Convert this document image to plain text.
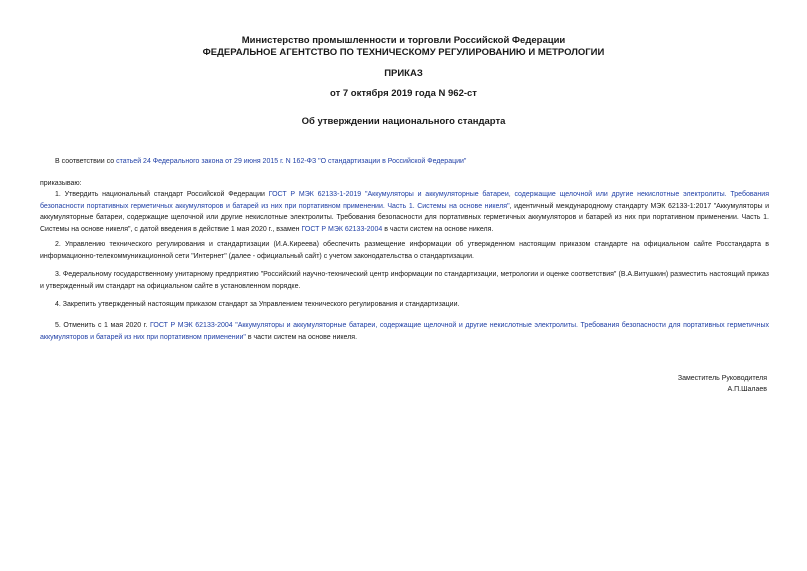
Министерство промышленности и торговли Российской Федерации
ФЕДЕРАЛЬНОЕ АГЕНТСТВО ПО ТЕХНИЧЕСКОМУ РЕГУЛИРОВАНИЮ И МЕТРОЛОГИИ
ПРИКАЗ
от 7 октября 2019 года N 962-ст
Об утверждении национального стандарта
В соответствии со статьей 24 Федерального закона от 29 июня 2015 г. N 162-ФЗ "О стандартизации в Российской Федерации"
приказываю:
1. Утвердить национальный стандарт Российской Федерации ГОСТ Р МЭК 62133-1-2019 "Аккумуляторы и аккумуляторные батареи, содержащие щелочной или другие некислотные электролиты. Требования безопасности портативных герметичных аккумуляторов и батарей из них при портативном применении. Часть 1. Системы на основе никеля", идентичный международному стандарту МЭК 62133-1:2017 "Аккумуляторы и аккумуляторные батареи, содержащие щелочной или другие некислотные электролиты. Требования безопасности для портативных герметичных аккумуляторов и батарей из них при портативном применении. Часть 1. Системы на основе никеля", с датой введения в действие 1 мая 2020 г., взамен ГОСТ Р МЭК 62133-2004 в части систем на основе никеля.
2. Управлению технического регулирования и стандартизации (И.А.Киреева) обеспечить размещение информации об утвержденном настоящим приказом стандарте на официальном сайте Росстандарта в информационно-телекоммуникационной сети "Интернет" (далее - официальный сайт) с учетом законодательства о стандартизации.
3. Федеральному государственному унитарному предприятию "Российский научно-технический центр информации по стандартизации, метрологии и оценке соответствия" (В.А.Витушкин) разместить настоящий приказ и утвержденный им стандарт на официальном сайте в установленном порядке.
4. Закрепить утвержденный настоящим приказом стандарт за Управлением технического регулирования и стандартизации.
5. Отменить с 1 мая 2020 г. ГОСТ Р МЭК 62133-2004 "Аккумуляторы и аккумуляторные батареи, содержащие щелочной и другие некислотные электролиты. Требования безопасности для портативных герметичных аккумуляторов и батарей из них при портативном применении" в части систем на основе никеля.
Заместитель Руководителя
А.П.Шалаев
